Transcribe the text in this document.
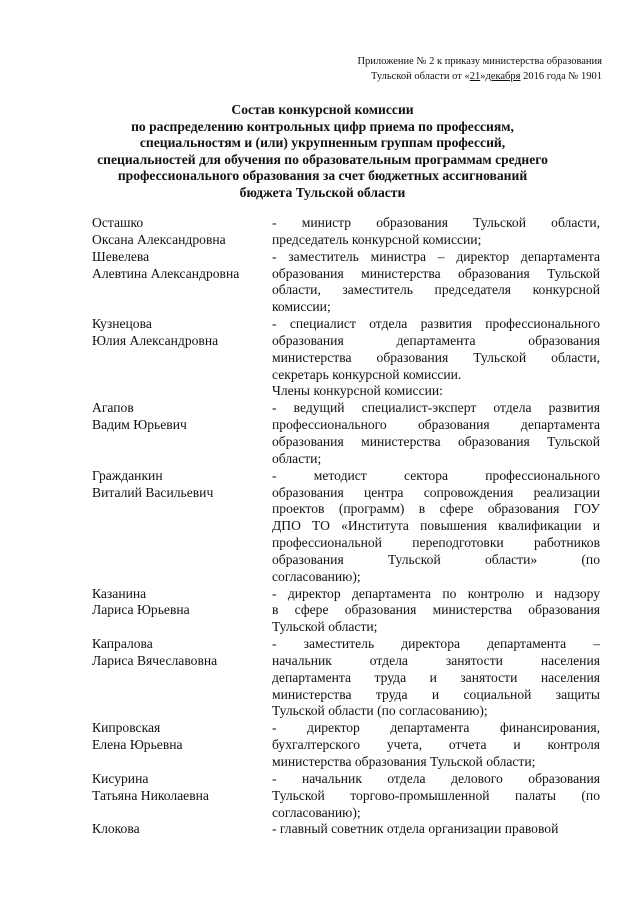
Приложение № 2 к приказу министерства образования
Тульской области от «21»декабря 2016 года № 1901
Состав конкурсной комиссии
по распределению контрольных цифр приема по профессиям,
специальностям и (или) укрупненным группам профессий,
специальностей для обучения по образовательным программам среднего
профессионального образования за счет бюджетных ассигнований
бюджета Тульской области
Осташко
Оксана Александровна
- министр образования Тульской области,
председатель конкурсной комиссии;
Шевелева
Алевтина Александровна
- заместитель министра – директор департамента
образования министерства образования Тульской
области, заместитель председателя конкурсной
комиссии;
Кузнецова
Юлия Александровна
- специалист отдела развития профессионального
образования департамента образования
министерства образования Тульской области,
секретарь конкурсной комиссии.
Члены конкурсной комиссии:
Агапов
Вадим Юрьевич
- ведущий специалист-эксперт отдела развития
профессионального образования департамента
образования министерства образования Тульской
области;
Гражданкин
Виталий Васильевич
- методист сектора профессионального
образования центра сопровождения реализации
проектов (программ) в сфере образования ГОУ
ДПО ТО «Института повышения квалификации и
профессиональной переподготовки работников
образования Тульской области» (по
согласованию);
Казанина
Лариса Юрьевна
- директор департамента по контролю и надзору
в сфере образования министерства образования
Тульской области;
Капралова
Лариса Вячеславовна
- заместитель директора департамента –
начальник отдела занятости населения
департамента труда и занятости населения
министерства труда и социальной защиты
Тульской области (по согласованию);
Кипровская
Елена Юрьевна
- директор департамента финансирования,
бухгалтерского учета, отчета и контроля
министерства образования Тульской области;
Кисурина
Татьяна Николаевна
- начальник отдела делового образования
Тульской торгово-промышленной палаты (по
согласованию);
Клокова	- главный советник отдела организации правовой
